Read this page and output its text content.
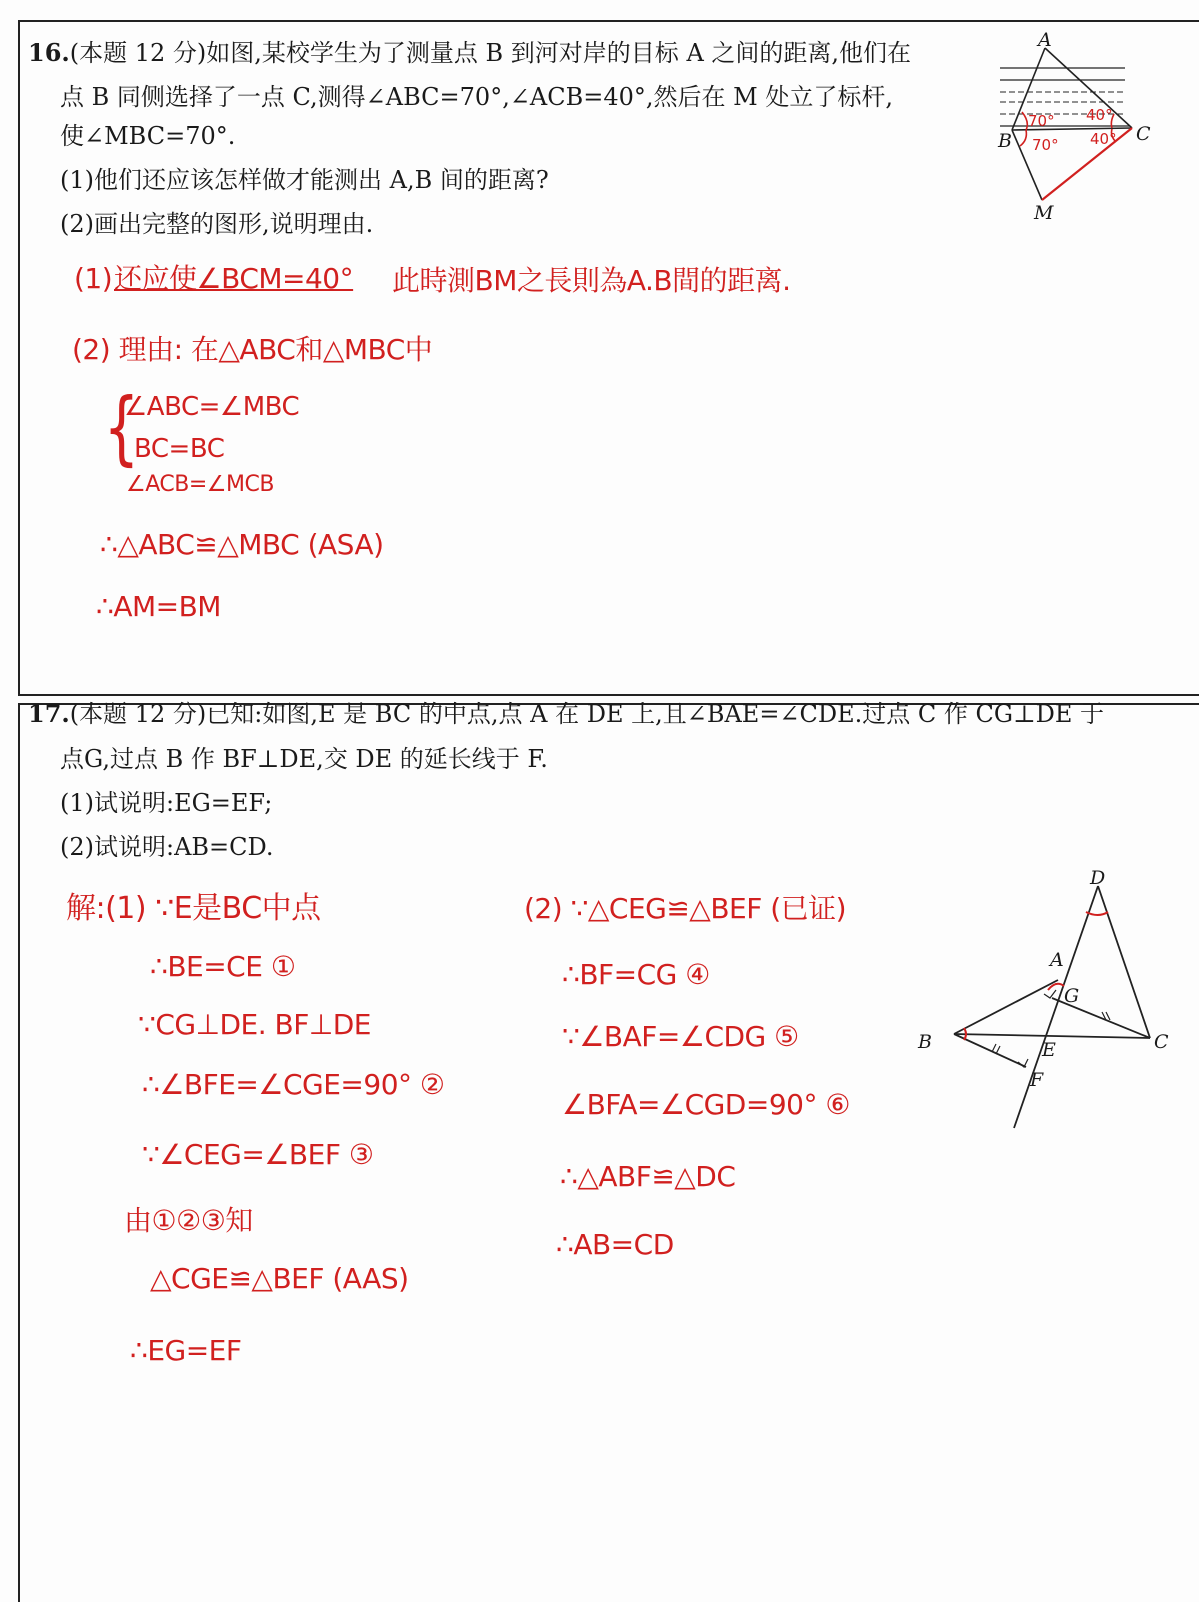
16.(本题 12 分)如图,某校学生为了测量点 B 到河对岸的目标 A 之间的距离,他们在
点 B 同侧选择了一点 C,测得∠ABC=70°,∠ACB=40°,然后在 M 处立了标杆,
使∠MBC=70°.
(1)他们还应该怎样做才能测出 A,B 间的距离?
(2)画出完整的图形,说明理由.
70°
70°
40°
40°
A
B	C
M
(1) 还应使∠BCM=40° 此時測BM之長則為A.B間的距离.
(2) 理由: 在△ABC和△MBC中
{
∠ABC=∠MBC
BC=BC
∠ACB=∠MCB
∴△ABC≌△MBC (ASA)
∴AM=BM
17.(本题 12 分)已知:如图,E 是 BC 的中点,点 A 在 DE 上,且∠BAE=∠CDE.过点 C 作 CG⊥DE 于
点G,过点 B 作 BF⊥DE,交 DE 的延长线于 F.
(1)试说明:EG=EF;
(2)试说明:AB=CD.
D
A
G
B	E	C
F
解:(1) ∵E是BC中点
∴BE=CE ①
∵CG⊥DE. BF⊥DE
∴∠BFE=∠CGE=90° ②
∵∠CEG=∠BEF ③
由①②③知
△CGE≌△BEF (AAS)
∴EG=EF
(2) ∵△CEG≌△BEF (已证)
∴BF=CG ④
∵∠BAF=∠CDG ⑤
∠BFA=∠CGD=90° ⑥
∴△ABF≌△DC
∴AB=CD
